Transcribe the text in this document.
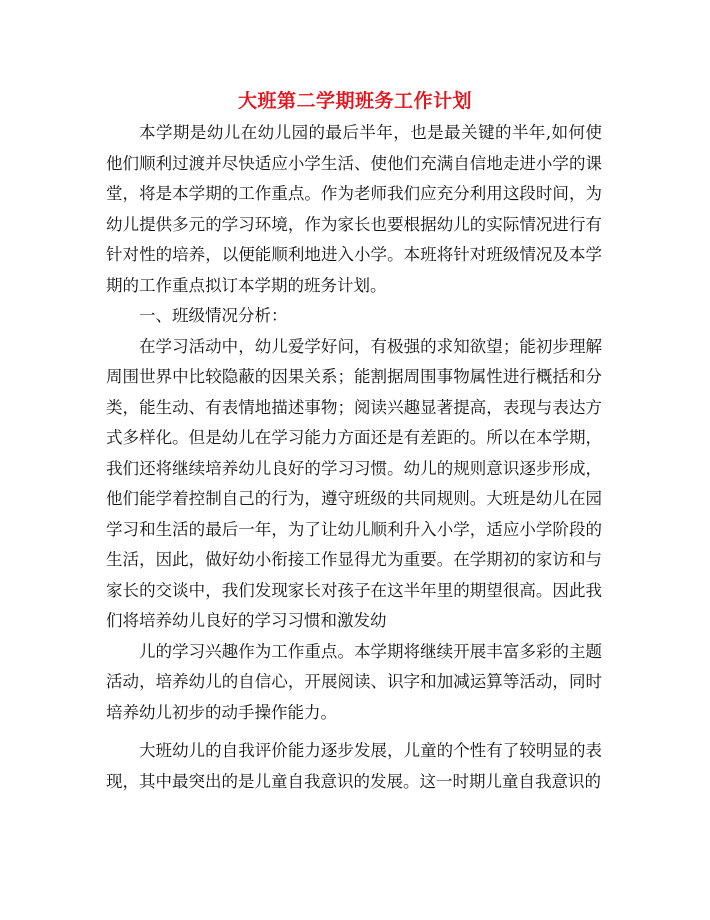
大班第二学期班务工作计划

本学期是幼儿在幼儿园的最后半年，也是最关键的半年,如何使他们顺利过渡并尽快适应小学生活、使他们充满自信地走进小学的课堂，将是本学期的工作重点。作为老师我们应充分利用这段时间，为幼儿提供多元的学习环境，作为家长也要根据幼儿的实际情况进行有针对性的培养，以便能顺利地进入小学。本班将针对班级情况及本学期的工作重点拟订本学期的班务计划。

一、班级情况分析：

在学习活动中，幼儿爱学好问，有极强的求知欲望；能初步理解周围世界中比较隐蔽的因果关系；能割据周围事物属性进行概括和分类，能生动、有表情地描述事物；阅读兴趣显著提高，表现与表达方式多样化。但是幼儿在学习能力方面还是有差距的。所以在本学期，我们还将继续培养幼儿良好的学习习惯。幼儿的规则意识逐步形成，他们能学着控制自己的行为，遵守班级的共同规则。大班是幼儿在园学习和生活的最后一年，为了让幼儿顺利升入小学，适应小学阶段的生活，因此，做好幼小衔接工作显得尤为重要。在学期初的家访和与家长的交谈中，我们发现家长对孩子在这半年里的期望很高。因此我们将培养幼儿良好的学习习惯和激发幼

儿的学习兴趣作为工作重点。本学期将继续开展丰富多彩的主题活动，培养幼儿的自信心，开展阅读、识字和加减运算等活动，同时培养幼儿初步的动手操作能力。

大班幼儿的自我评价能力逐步发展，儿童的个性有了较明显的表现，其中最突出的是儿童自我意识的发展。这一时期儿童自我意识的
